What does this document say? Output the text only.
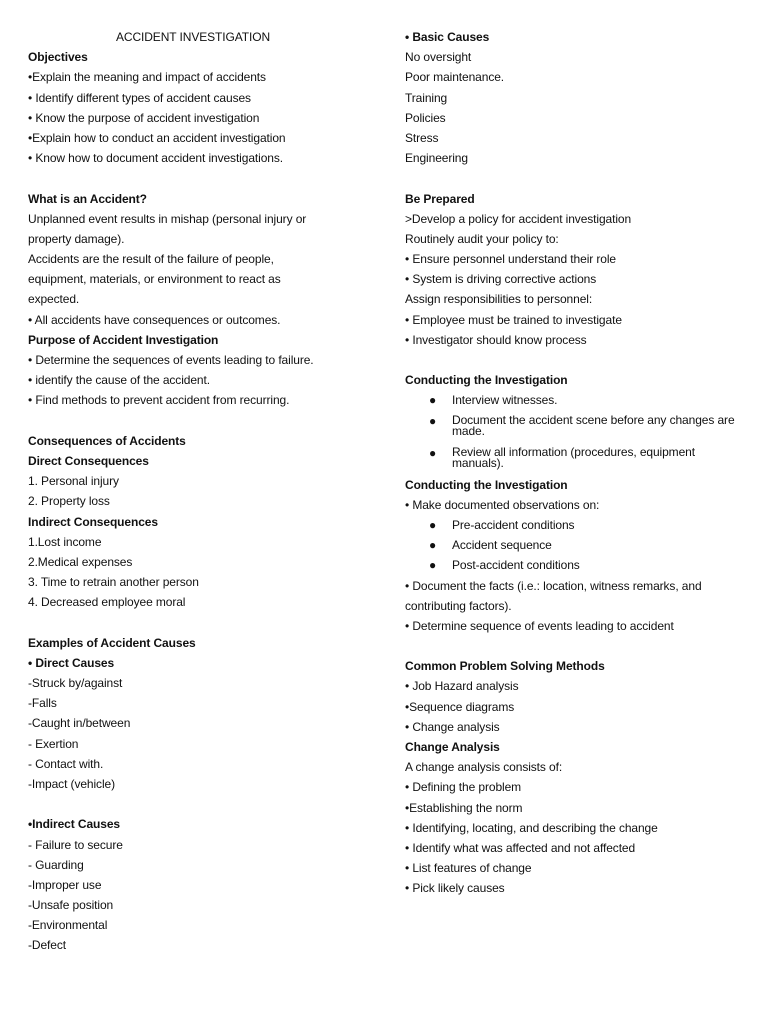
ACCIDENT INVESTIGATION
Objectives
•Explain the meaning and impact of accidents
• Identify different types of accident causes
• Know the purpose of accident investigation
•Explain how to conduct an accident investigation
• Know how to document accident investigations.
What is an Accident?
Unplanned event results in mishap (personal injury or
property damage).
Accidents are the result of the failure of people,
equipment, materials, or environment to react as
expected.
• All accidents have consequences or outcomes.
Purpose of Accident Investigation
• Determine the sequences of events leading to failure.
• identify the cause of the accident.
• Find methods to prevent accident from recurring.
Consequences of Accidents
Direct Consequences
1. Personal injury
2. Property loss
Indirect Consequences
1.Lost income
2.Medical expenses
3. Time to retrain another person
4. Decreased employee moral
Examples of Accident Causes
• Direct Causes
-Struck by/against
-Falls
-Caught in/between
- Exertion
- Contact with.
-Impact (vehicle)
•Indirect Causes
- Failure to secure
- Guarding
-Improper use
-Unsafe position
-Environmental
-Defect
• Basic Causes
No oversight
Poor maintenance.
Training
Policies
Stress
Engineering
Be Prepared
>Develop a policy for accident investigation
Routinely audit your policy to:
• Ensure personnel understand their role
• System is driving corrective actions
Assign responsibilities to personnel:
• Employee must be trained to investigate
• Investigator should know process
Conducting the Investigation
● Interview witnesses.
● Document the accident scene before any changes are made.
● Review all information (procedures, equipment manuals).
Conducting the Investigation
• Make documented observations on:
● Pre-accident conditions
● Accident sequence
● Post-accident conditions
• Document the facts (i.e.: location, witness remarks, and
contributing factors).
• Determine sequence of events leading to accident
Common Problem Solving Methods
• Job Hazard analysis
•Sequence diagrams
• Change analysis
Change Analysis
A change analysis consists of:
• Defining the problem
•Establishing the norm
• Identifying, locating, and describing the change
• Identify what was affected and not affected
• List features of change
• Pick likely causes
